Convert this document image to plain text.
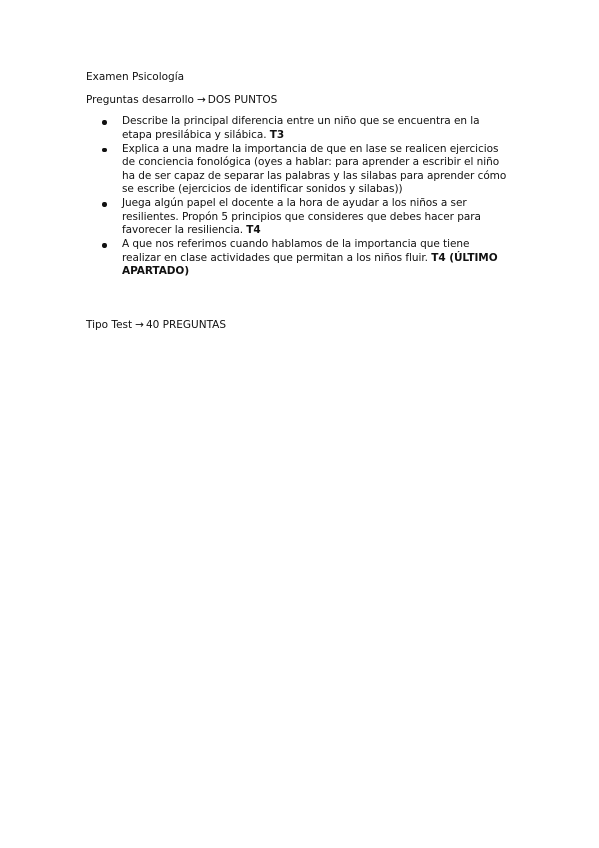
Examen Psicología
Preguntas desarrollo → DOS PUNTOS
Describe la principal diferencia entre un niño que se encuentra en la etapa presilábica y silábica. T3
Explica a una madre la importancia de que en lase se realicen ejercicios de conciencia fonológica (oyes a hablar: para aprender a escribir el niño ha de ser capaz de separar las palabras y las silabas para aprender cómo se escribe (ejercicios de identificar sonidos y silabas))
Juega algún papel el docente a la hora de ayudar a los niños a ser resilientes. Propón 5 principios que consideres que debes hacer para favorecer la resiliencia. T4
A que nos referimos cuando hablamos de la importancia que tiene realizar en clase actividades que permitan a los niños fluir. T4 (ÚLTIMO APARTADO)
Tipo Test → 40 PREGUNTAS
